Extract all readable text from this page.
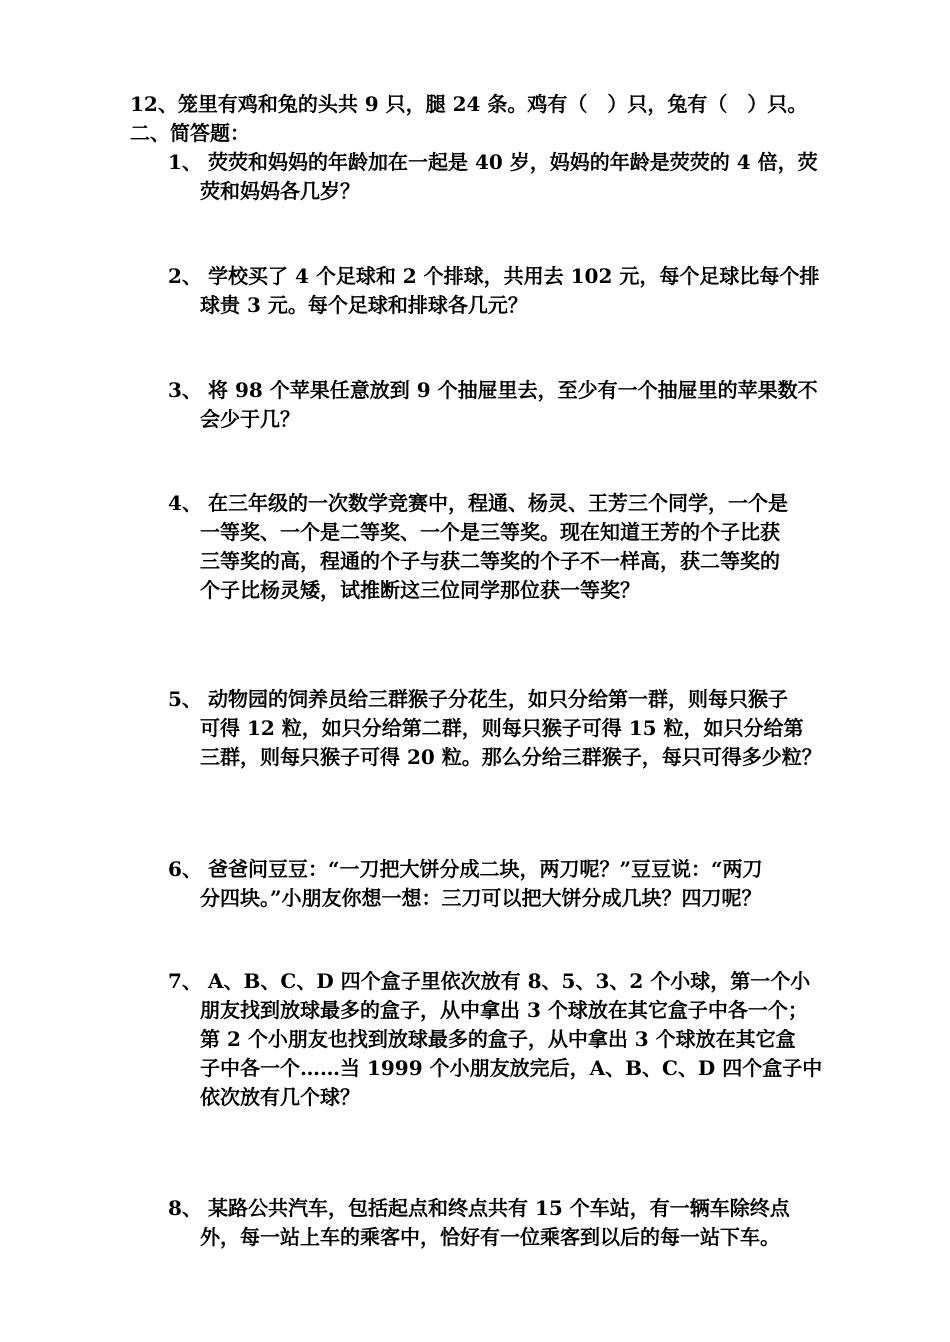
12、笼里有鸡和兔的头共 9 只，腿 24 条。鸡有（　）只，兔有（　）只。
二、简答题：
1、 荧荧和妈妈的年龄加在一起是 40 岁，妈妈的年龄是荧荧的 4 倍，荧
荧和妈妈各几岁？
2、 学校买了 4 个足球和 2 个排球，共用去 102 元，每个足球比每个排
球贵 3 元。每个足球和排球各几元？
3、 将 98 个苹果任意放到 9 个抽屉里去，至少有一个抽屉里的苹果数不
会少于几？
4、 在三年级的一次数学竞赛中，程通、杨灵、王芳三个同学，一个是
一等奖、一个是二等奖、一个是三等奖。现在知道王芳的个子比获
三等奖的高，程通的个子与获二等奖的个子不一样高，获二等奖的
个子比杨灵矮，试推断这三位同学那位获一等奖？
5、 动物园的饲养员给三群猴子分花生，如只分给第一群，则每只猴子
可得 12 粒，如只分给第二群，则每只猴子可得 15 粒，如只分给第
三群，则每只猴子可得 20 粒。那么分给三群猴子，每只可得多少粒？
6、 爸爸问豆豆：“一刀把大饼分成二块，两刀呢？”豆豆说：“两刀
分四块。”小朋友你想一想：三刀可以把大饼分成几块？四刀呢？
7、 A、B、C、D 四个盒子里依次放有 8、5、3、2 个小球，第一个小
朋友找到放球最多的盒子，从中拿出 3 个球放在其它盒子中各一个；
第 2 个小朋友也找到放球最多的盒子，从中拿出 3 个球放在其它盒
子中各一个……当 1999 个小朋友放完后，A、B、C、D 四个盒子中
依次放有几个球？
8、 某路公共汽车，包括起点和终点共有 15 个车站，有一辆车除终点
外，每一站上车的乘客中，恰好有一位乘客到以后的每一站下车。
